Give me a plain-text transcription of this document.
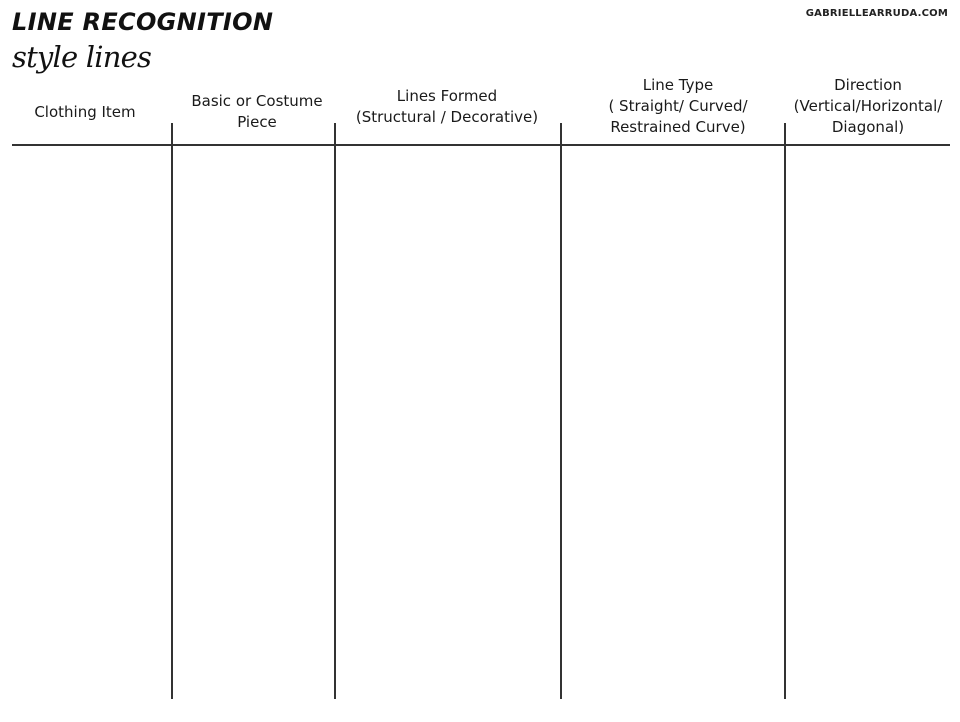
LINE RECOGNITION
style lines
GABRIELLEARRUDA.COM
Clothing Item
Basic or Costume
Piece
Lines Formed
(Structural / Decorative)
Line Type
( Straight/ Curved/
Restrained Curve)
Direction
(Vertical/Horizontal/
Diagonal)
